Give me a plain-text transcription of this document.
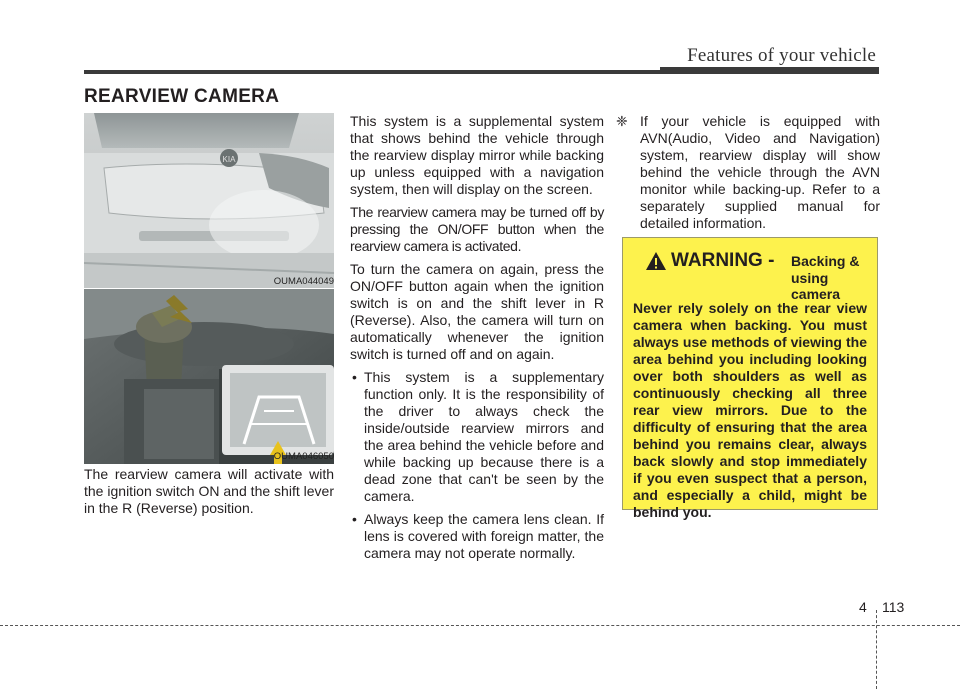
Features of your vehicle
REARVIEW CAMERA
KIA
OUMA044049
OUMA046050
The rearview camera will activate with the ignition switch ON and the shift lever in the R (Reverse) position.

This system is a supplemental system that shows behind the vehicle through the rearview display mirror while backing up unless equipped with a navigation system, then will display on the screen.

The rearview camera may be turned off by pressing the ON/OFF button when the rearview camera is activated.

To turn the camera on again, press the ON/OFF button again when the ignition switch is on and the shift lever in R (Reverse). Also, the camera will turn on automatically whenever the ignition switch is turned off and on again.

• This system is a supplementary function only. It is the responsibility of the driver to always check the inside/outside rearview mirrors and the area behind the vehicle before and while backing up because there is a dead zone that can't be seen by the camera.
• Always keep the camera lens clean. If lens is covered with foreign matter, the camera may not operate normally.
❈ If your vehicle is equipped with AVN(Audio, Video and Navigation) system, rearview display will show behind the vehicle through the AVN monitor while backing-up. Refer to a separately supplied manual for detailed information.
WARNING - Backing &
using camera
Never rely solely on the rear view camera when backing. You must always use methods of viewing the area behind you including looking over both shoulders as well as continuously checking all three rear view mirrors. Due to the difficulty of ensuring that the area behind you remains clear, always back slowly and stop immediately if you even suspect that a person, and especially a child, might be behind you.
4 113
